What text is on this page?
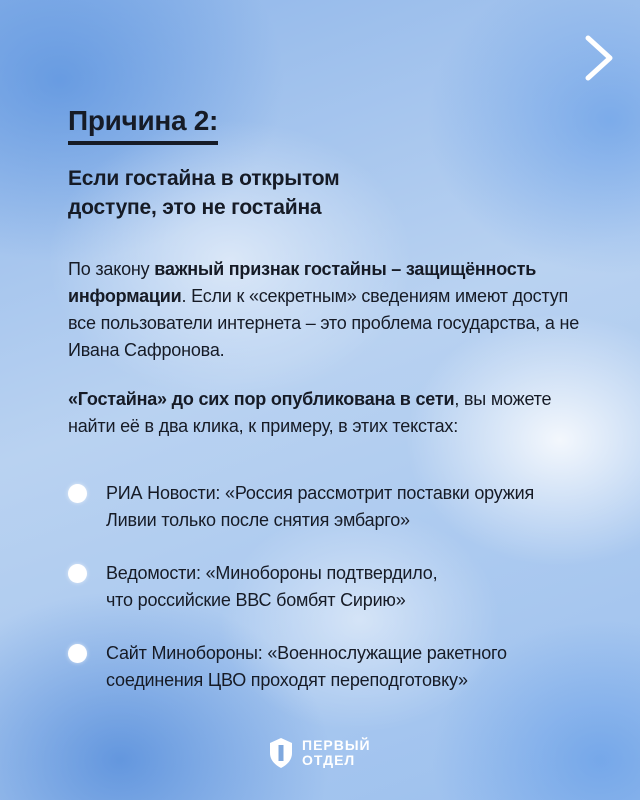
Причина 2:
Если гостайна в открытом
доступе, это не гостайна
По закону важный признак гостайны – защищённость информации. Если к «секретным» сведениям имеют доступ все пользователи интернета – это проблема государства, а не Ивана Сафронова.
«Гостайна» до сих пор опубликована в сети, вы можете найти её в два клика, к примеру, в этих текстах:
РИА Новости: «Россия рассмотрит поставки оружия
Ливии только после снятия эмбарго»
Ведомости: «Минобороны подтвердило,
что российские ВВС бомбят Сирию»
Сайт Минобороны: «Военнослужащие ракетного
соединения ЦВО проходят переподготовку»
ПЕРВЫЙ
ОТДЕЛ
